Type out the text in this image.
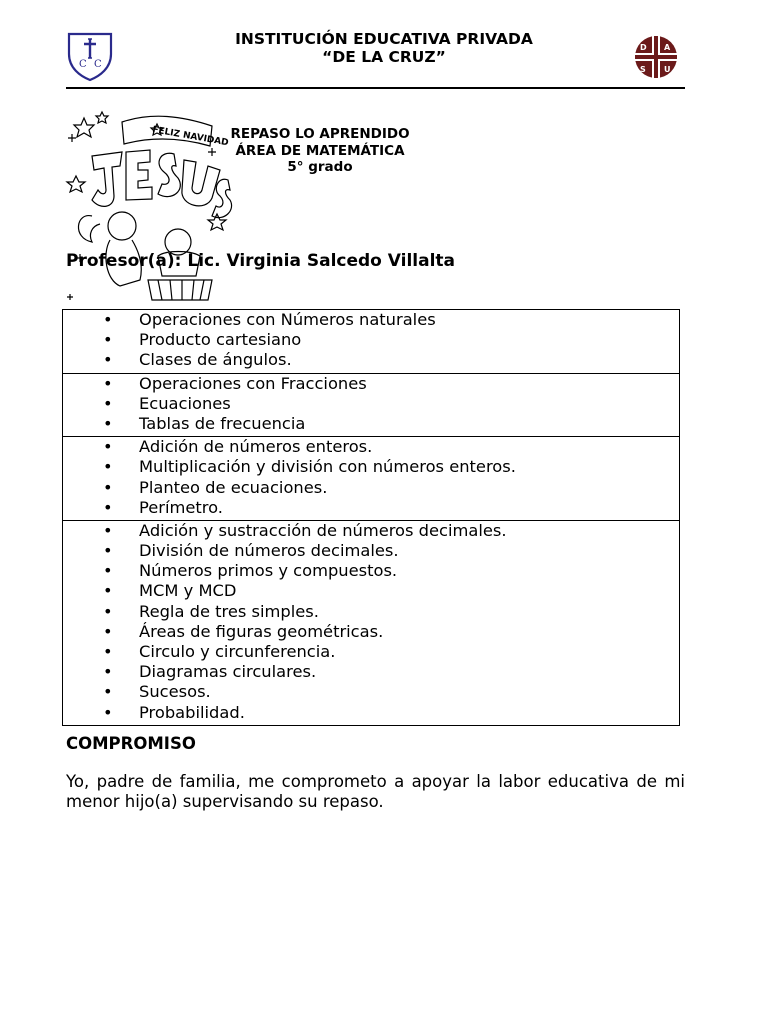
C C
INSTITUCIÓN EDUCATIVA PRIVADA
“DE LA CRUZ”
D A
S U
FELIZ NAVIDAD REPASO LO APRENDIDO
ÁREA DE MATEMÁTICA
5° grado
Profesor(a): Lic. Virginia Salcedo Villalta
• Operaciones con Números naturales
• Producto cartesiano
• Clases de ángulos.

• Operaciones con Fracciones
• Ecuaciones
• Tablas de frecuencia

• Adición de números enteros.
• Multiplicación y división con números enteros.
• Planteo de ecuaciones.
• Perímetro.

• Adición y sustracción de números decimales.
• División de números decimales.
• Números primos y compuestos.
• MCM y MCD
• Regla de tres simples.
• Áreas de figuras geométricas.
• Circulo y circunferencia.
• Diagramas circulares.
• Sucesos.
• Probabilidad.
COMPROMISO
Yo, padre de familia, me comprometo a apoyar la labor educativa de mi menor hijo(a) supervisando su repaso.
